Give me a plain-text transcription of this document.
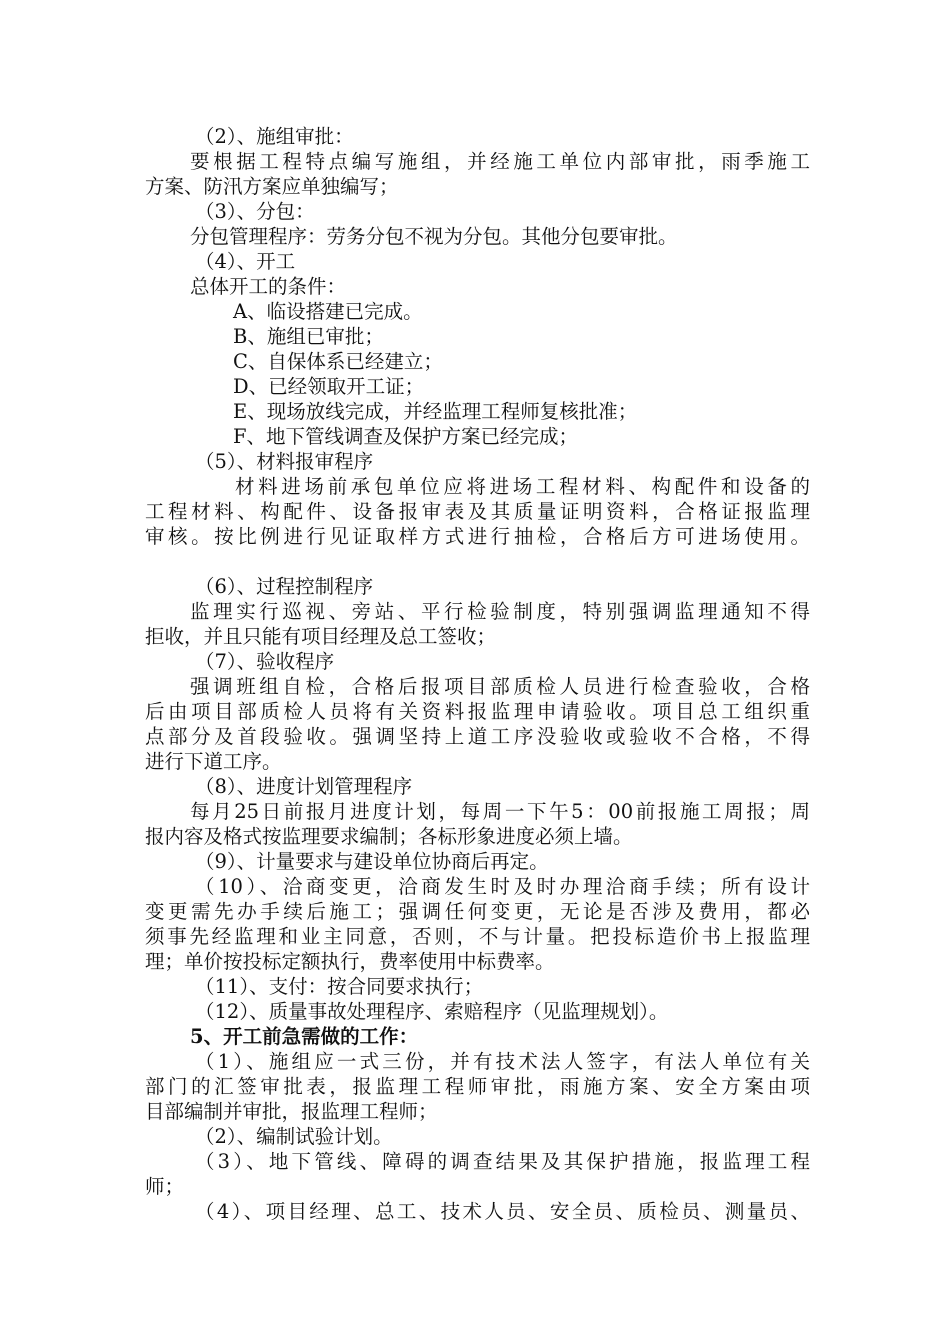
（2）、施组审批：
要根据工程特点编写施组，并经施工单位内部审批，雨季施工
方案、防汛方案应单独编写；
（3）、分包：
分包管理程序：劳务分包不视为分包。其他分包要审批。
（4）、开工
总体开工的条件：
A、临设搭建已完成。
B、施组已审批；
C、自保体系已经建立；
D、已经领取开工证；
E、现场放线完成，并经监理工程师复核批准；
F、地下管线调查及保护方案已经完成；
（5）、材料报审程序
材料进场前承包单位应将进场工程材料、构配件和设备的
工程材料、构配件、设备报审表及其质量证明资料，合格证报监理
审核。按比例进行见证取样方式进行抽检，合格后方可进场使用。
（6）、过程控制程序
监理实行巡视、旁站、平行检验制度，特别强调监理通知不得
拒收，并且只能有项目经理及总工签收；
（7）、验收程序
强调班组自检，合格后报项目部质检人员进行检查验收，合格
后由项目部质检人员将有关资料报监理申请验收。项目总工组织重
点部分及首段验收。强调坚持上道工序没验收或验收不合格，不得
进行下道工序。
（8）、进度计划管理程序
每月25日前报月进度计划，每周一下午5：00前报施工周报；周
报内容及格式按监理要求编制；各标形象进度必须上墙。
（9）、计量要求与建设单位协商后再定。
（10）、洽商变更，洽商发生时及时办理洽商手续；所有设计
变更需先办手续后施工；强调任何变更，无论是否涉及费用，都必
须事先经监理和业主同意，否则，不与计量。把投标造价书上报监理
理；单价按投标定额执行，费率使用中标费率。
（11）、支付：按合同要求执行；
（12）、质量事故处理程序、索赔程序（见监理规划）。
5、开工前急需做的工作：
（1）、施组应一式三份，并有技术法人签字，有法人单位有关
部门的汇签审批表，报监理工程师审批，雨施方案、安全方案由项
目部编制并审批，报监理工程师；
（2）、编制试验计划。
（3）、地下管线、障碍的调查结果及其保护措施，报监理工程
师；
（4）、项目经理、总工、技术人员、安全员、质检员、测量员、
